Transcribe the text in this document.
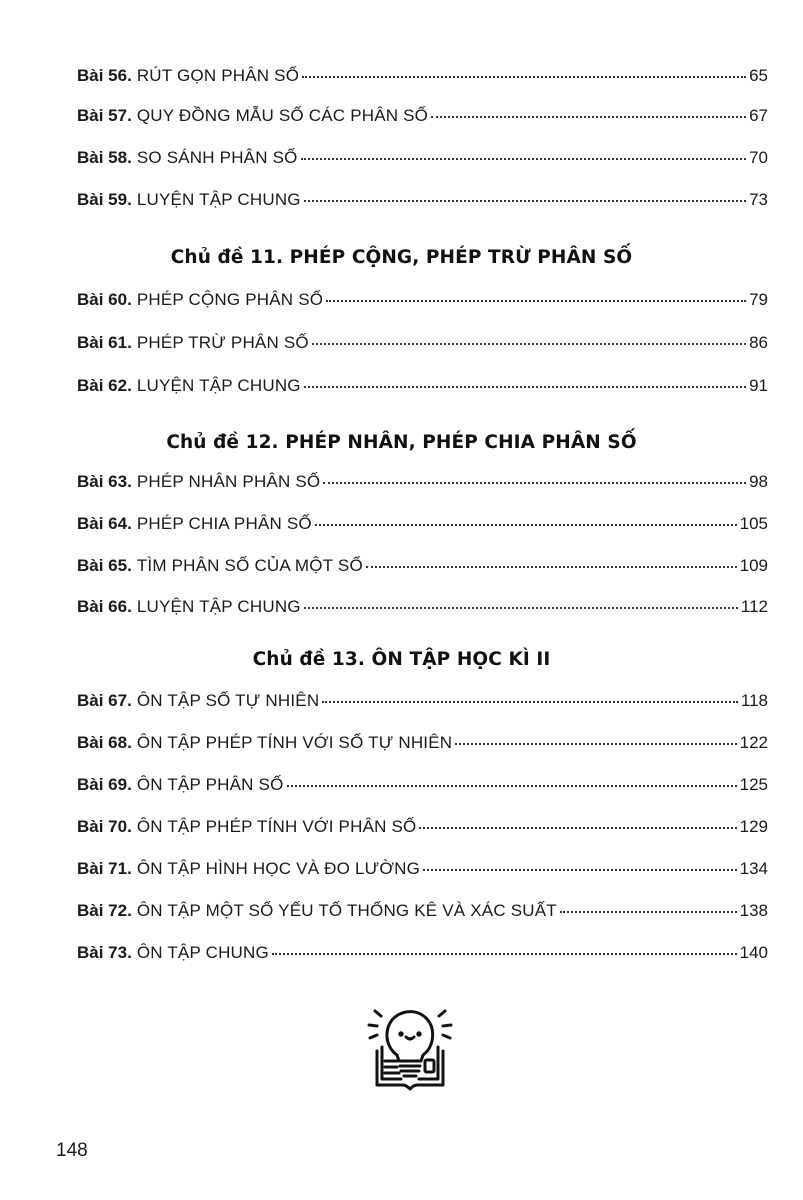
Bài 56. RÚT GỌN PHÂN SỐ	65
Bài 57. QUY ĐỒNG MẪU SỐ CÁC PHÂN SỐ	67
Bài 58. SO SÁNH PHÂN SỐ	70
Bài 59. LUYỆN TẬP CHUNG	73
Chủ đề 11. PHÉP CỘNG, PHÉP TRỪ PHÂN SỐ
Bài 60. PHÉP CỘNG PHÂN SỐ	79
Bài 61. PHÉP TRỪ PHÂN SỐ	86
Bài 62. LUYỆN TẬP CHUNG	91
Chủ đề 12. PHÉP NHÂN, PHÉP CHIA PHÂN SỐ
Bài 63. PHÉP NHÂN PHÂN SỐ	98
Bài 64. PHÉP CHIA PHÂN SỐ	105
Bài 65. TÌM PHÂN SỐ CỦA MỘT SỐ	109
Bài 66. LUYỆN TẬP CHUNG	112
Chủ đề 13. ÔN TẬP HỌC KÌ II
Bài 67. ÔN TẬP SỐ TỰ NHIÊN	118
Bài 68. ÔN TẬP PHÉP TÍNH VỚI SỐ TỰ NHIÊN	122
Bài 69. ÔN TẬP PHÂN SỐ	125
Bài 70. ÔN TẬP PHÉP TÍNH VỚI PHÂN SỐ	129
Bài 71. ÔN TẬP HÌNH HỌC VÀ ĐO LƯỜNG	134
Bài 72. ÔN TẬP MỘT SỐ YẾU TỐ THỐNG KÊ VÀ XÁC SUẤT	138
Bài 73. ÔN TẬP CHUNG	140
148
